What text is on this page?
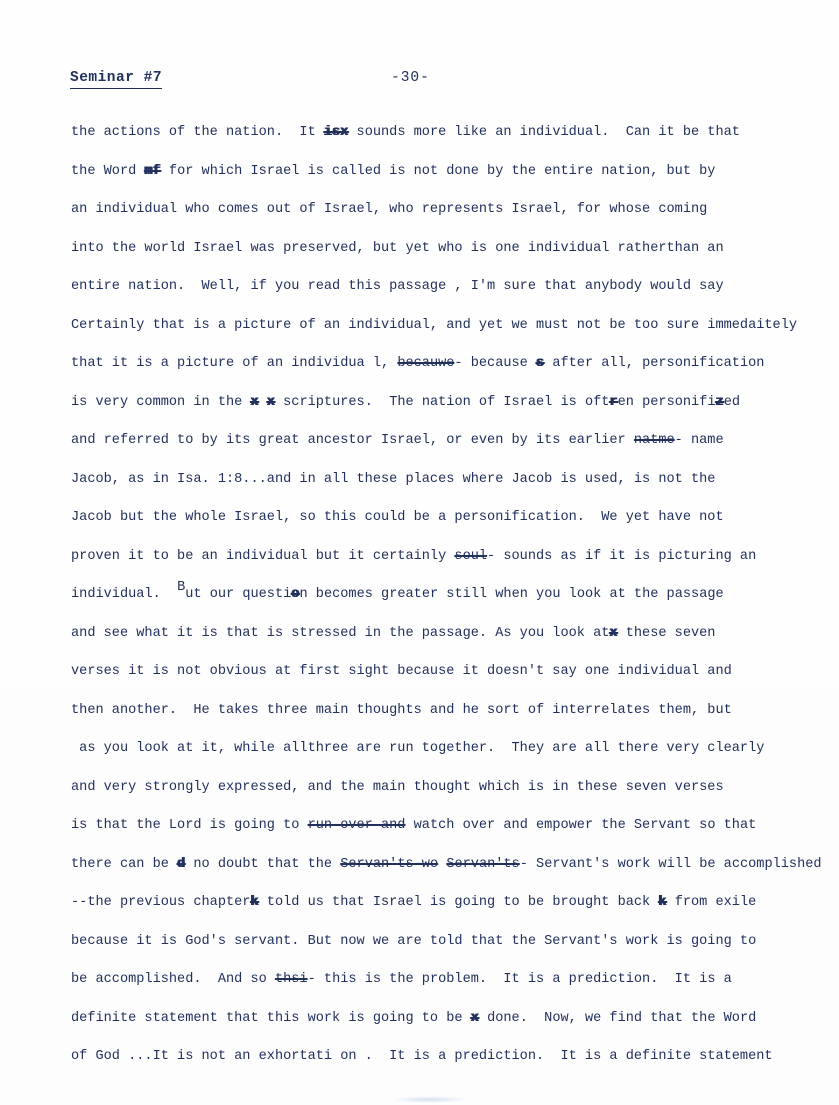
Seminar #7	-30-
the actions of the nation.  It isx sounds more like an individual.  Can it be that
the Word mf for which Israel is called is not done by the entire nation, but by
an individual who comes out of Israel, who represents Israel, for whose coming
into the world Israel was preserved, but yet who is one individual ratherthan an
entire nation.  Well, if you read this passage , I'm sure that anybody would say
Certainly that is a picture of an individual, and yet we must not be too sure immedaitely
that it is a picture of an individua l, becauwe- because s after all, personification
is very common in the x x scriptures.  The nation of Israel is oftren personifized
and referred to by its great ancestor Israel, or even by its earlier natme- name
Jacob, as in Isa. 1:8...and in all these places where Jacob is used, is not the
Jacob but the whole Israel, so this could be a personification.  We yet have not
proven it to be an individual but it certainly soul- sounds as if it is picturing an
individual.  But our question becomes greater still when you look at the passage
and see what it is that is stressed in the passage. As you look atx these seven
verses it is not obvious at first sight because it doesn't say one individual and
then another.  He takes three main thoughts and he sort of interrelates them, but
as you look at it, while allthree are run together.  They are all there very clearly
and very strongly expressed, and the main thought which is in these seven verses
is that the Lord is going to run over and watch over and empower the Servant so that
there can be d no doubt that the Servan'ts-wo Servan'ts- Servant's work will be accomplished
--the previous chapterk told us that Israel is going to be brought back k from exile
because it is God's servant. But now we are told that the Servant's work is going to
be accomplished.  And so thsi- this is the problem.  It is a prediction.  It is a
definite statement that this work is going to be x done.  Now, we find that the Word
of God ...It is not an exhortati on .  It is a prediction.  It is a definite statement
